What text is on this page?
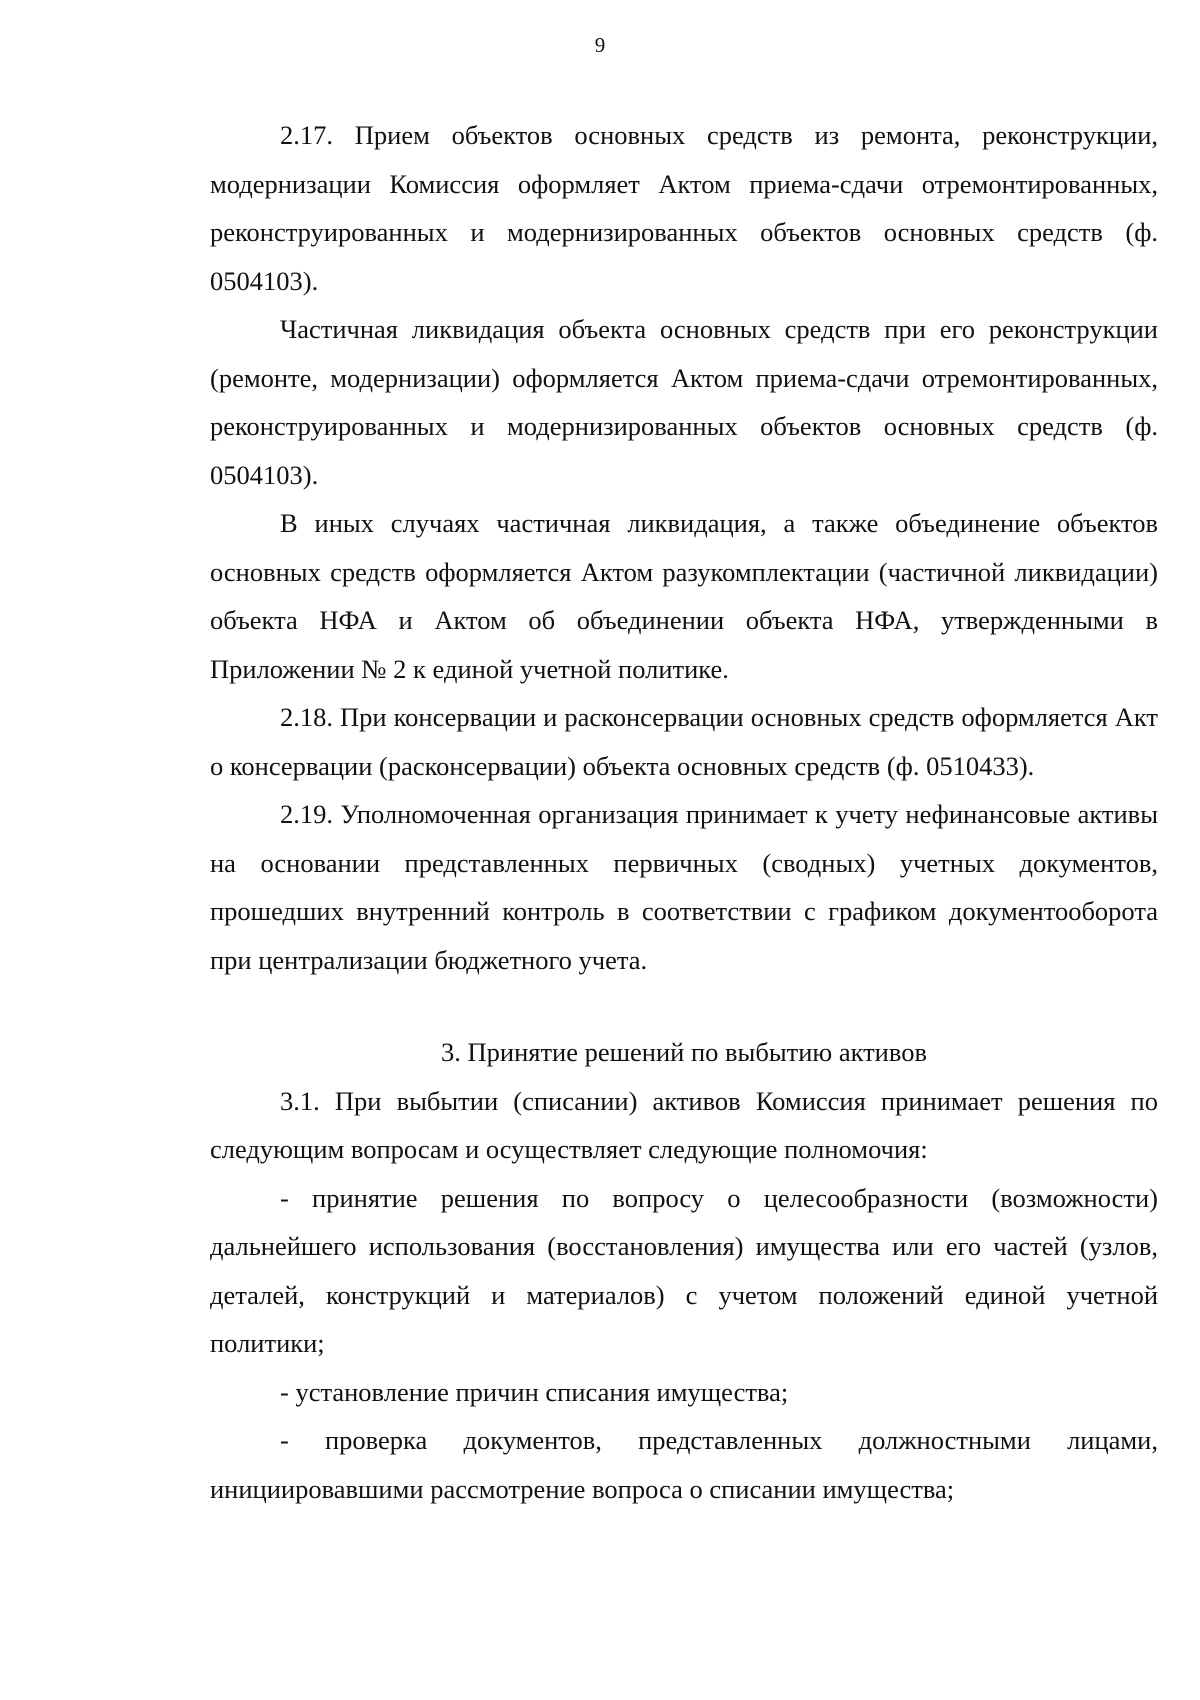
9

2.17. Прием объектов основных средств из ремонта, реконструкции, модернизации Комиссия оформляет Актом приема-сдачи отремонтированных, реконструированных и модернизированных объектов основных средств (ф. 0504103).

Частичная ликвидация объекта основных средств при его реконструкции (ремонте, модернизации) оформляется Актом приема-сдачи отремонтированных, реконструированных и модернизированных объектов основных средств (ф. 0504103).

В иных случаях частичная ликвидация, а также объединение объектов основных средств оформляется Актом разукомплектации (частичной ликвидации) объекта НФА и Актом об объединении объекта НФА, утвержденными в Приложении № 2 к единой учетной политике.

2.18. При консервации и расконсервации основных средств оформляется Акт о консервации (расконсервации) объекта основных средств (ф. 0510433).

2.19. Уполномоченная организация принимает к учету нефинансовые активы на основании представленных первичных (сводных) учетных документов, прошедших внутренний контроль в соответствии с графиком документооборота при централизации бюджетного учета.

3. Принятие решений по выбытию активов

3.1. При выбытии (списании) активов Комиссия принимает решения по следующим вопросам и осуществляет следующие полномочия:

- принятие решения по вопросу о целесообразности (возможности) дальнейшего использования (восстановления) имущества или его частей (узлов, деталей, конструкций и материалов) с учетом положений единой учетной политики;

- установление причин списания имущества;

- проверка документов, представленных должностными лицами, инициировавшими рассмотрение вопроса о списании имущества;
